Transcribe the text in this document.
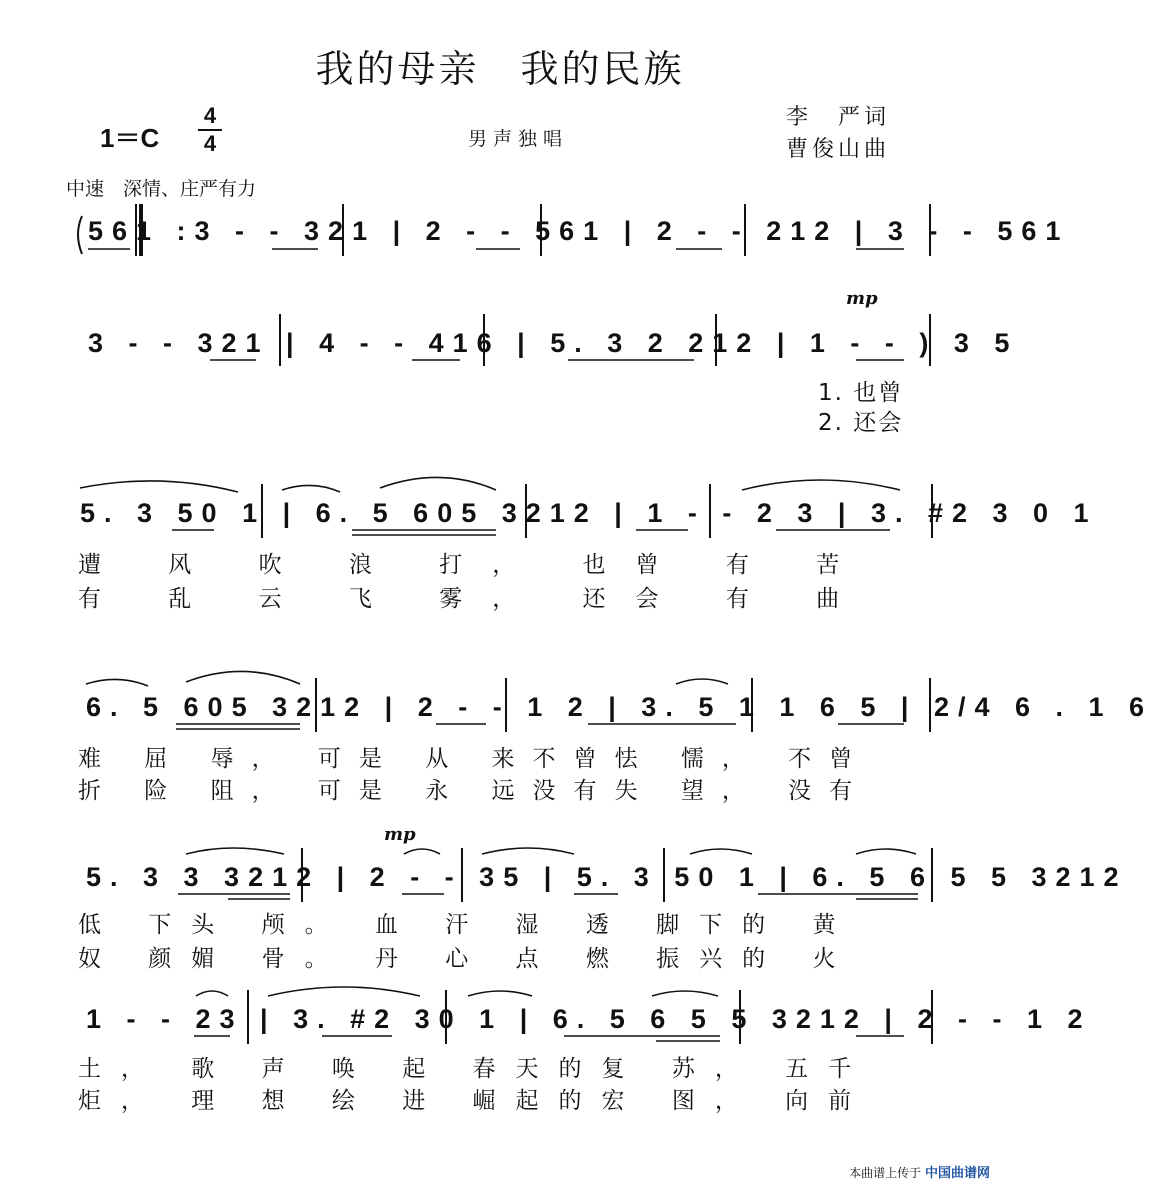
我的母亲　我的民族
1＝C
4
4	男声独唱
李　严词
曹俊山曲
中速　深情、庄严有力
mp
mp
561 :3 - - 321 | 2 - - 561 | 2 - - 212 | 3 - - 561
3 - - 321 | 4 - - 416 | 5. 3 2 212 | 1 - - ) 3 5
1. 也曾
2. 还会
5. 3 50 1 | 6. 5 605 3212 | 1 - - 2 3 | 3. #2 3 0 1
遭 风 吹 浪 打， 也曾 有 苦
有 乱 云 飞 雾， 还会 有 曲
6. 5 605 3212 | 2 - - 1 2 | 3. 5 1 1 6 5 | 2/4 6 . 1 6
难 屈 辱， 可是 从 来不曾怯 懦， 不曾
折 险 阻， 可是 永 远没有失 望， 没有
5. 3 3 3212 | 2 - - 35 | 5. 3 50 1 | 6. 5 6 5 5 3212
低 下头 颅。 血 汗 湿 透 脚下的 黄
奴 颜媚 骨。 丹 心 点 燃 振兴的 火
1 - - 23 | 3. #2 30 1 | 6. 5 6 5 5 3212 | 2 - - 1 2
土， 歌 声 唤 起 春天的复 苏， 五千
炬， 理 想 绘 进 崛起的宏 图， 向前
本曲谱上传于 中国曲谱网
